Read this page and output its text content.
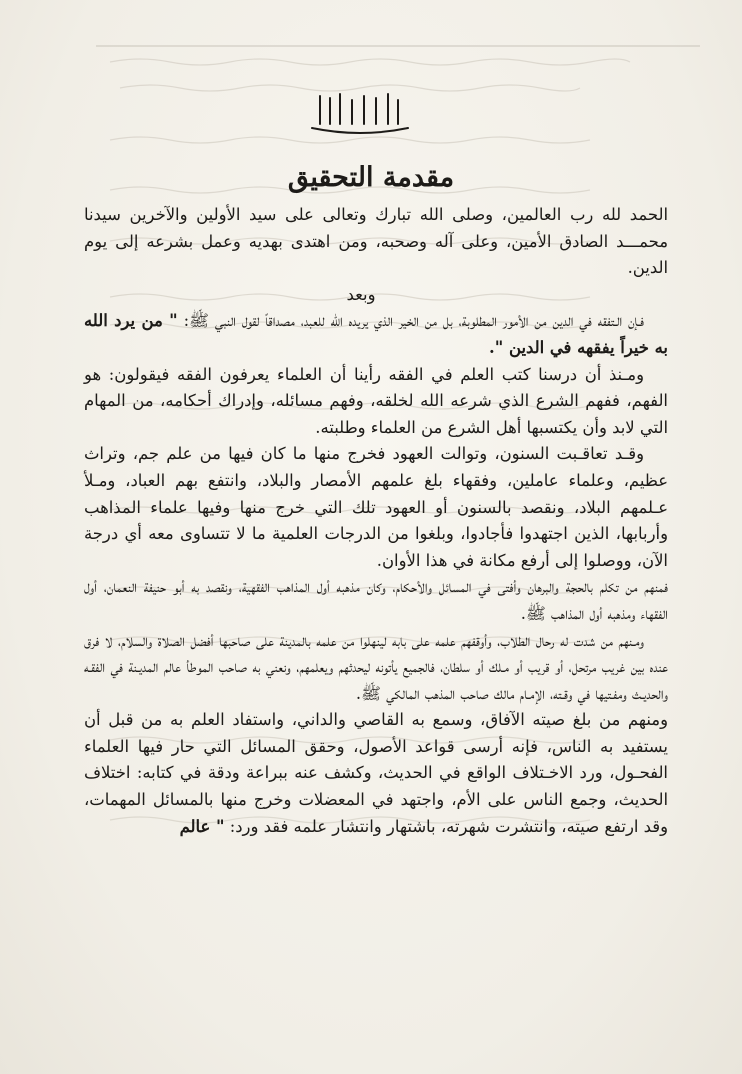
مقدمة التحقيق

الحمد لله رب العالمين، وصلى الله تبارك وتعالى على سيد الأولين والآخرين سيدنا محمـــد الصادق الأمين، وعلى آله وصحبه، ومن اهتدى بهديه وعمل بشرعه إلى يوم الدين.

وبعد

فـإن الـتفقه في الدين من الأمور المطلوبة، بل من الخير الذي يريده الله للعبد، مصداقاً لقول النبي ﷺ: " من يرد الله به خيراً يفقهه في الدين ".

ومـنذ أن درسنا كتب العلم في الفقه رأينا أن العلماء يعرفون الفقه فيقولون: هو الفهم، ففهم الشرع الذي شرعه الله لخلقه، وفهم مسائله، وإدراك أحكامه، من المهام التي لابد وأن يكتسبها أهل الشرع من العلماء وطلبته.

وقـد تعاقـبت السنون، وتوالت العهود فخرج منها ما كان فيها من علم جم، وتراث عظيم، وعلماء عاملين، وفقهاء بلغ علمهم الأمصار والبلاد، وانتفع بهم العباد، ومـلأ عـلمهم البلاد، ونقصد بالسنون أو العهود تلك التي خرج منها وفيها علماء المذاهب وأربابها، الذين اجتهدوا فأجادوا، وبلغوا من الدرجات العلمية ما لا تتساوى معه أي درجة الآن، ووصلوا إلى أرفع مكانة في هذا الأوان.

فمنهم من تكلم بالحجة والبرهان وأفتى في المسائل والأحكام، وكان مذهبه أول المذاهب الفقهية، ونقصد به أبو حنيفة النعمان، أول الفقهاء ومذهبه أول المذاهب ﷺ.

ومـنهم من شدت له رحال الطلاب، وأوقفهم علمه على بابه لينهلوا من علمه بالمدينة على صاحبها أفضل الصلاة والسلام، لا فرق عنده بين غريب مرتحل، أو قريب أو مـلك أو سلطان، فالجميع يأتونه ليحدثهم ويعلمهم، ونعني به صاحب الموطأ عالم المديـنة في الفقـه والحديـث ومفـتيها في وقـته، الإمـام مالك صاحب المذهب المالكي ﷺ.

ومنهم من بلغ صيته الآفاق، وسمع به القاصي والداني، واستفاد العلم به من قبل أن يستفيد به الناس، فإنه أرسى قواعد الأصول، وحقق المسائل التي حار فيها العلماء الفحـول، ورد الاخـتلاف الواقع في الحديث، وكشف عنه ببراعة ودقة في كتابه: اختلاف الحديث، وجمع الناس على الأم، واجتهد في المعضلات وخرج منها بالمسائل المهمات، وقد ارتفع صيته، وانتشرت شهرته، باشتهار وانتشار علمه فقد ورد: " عالم
